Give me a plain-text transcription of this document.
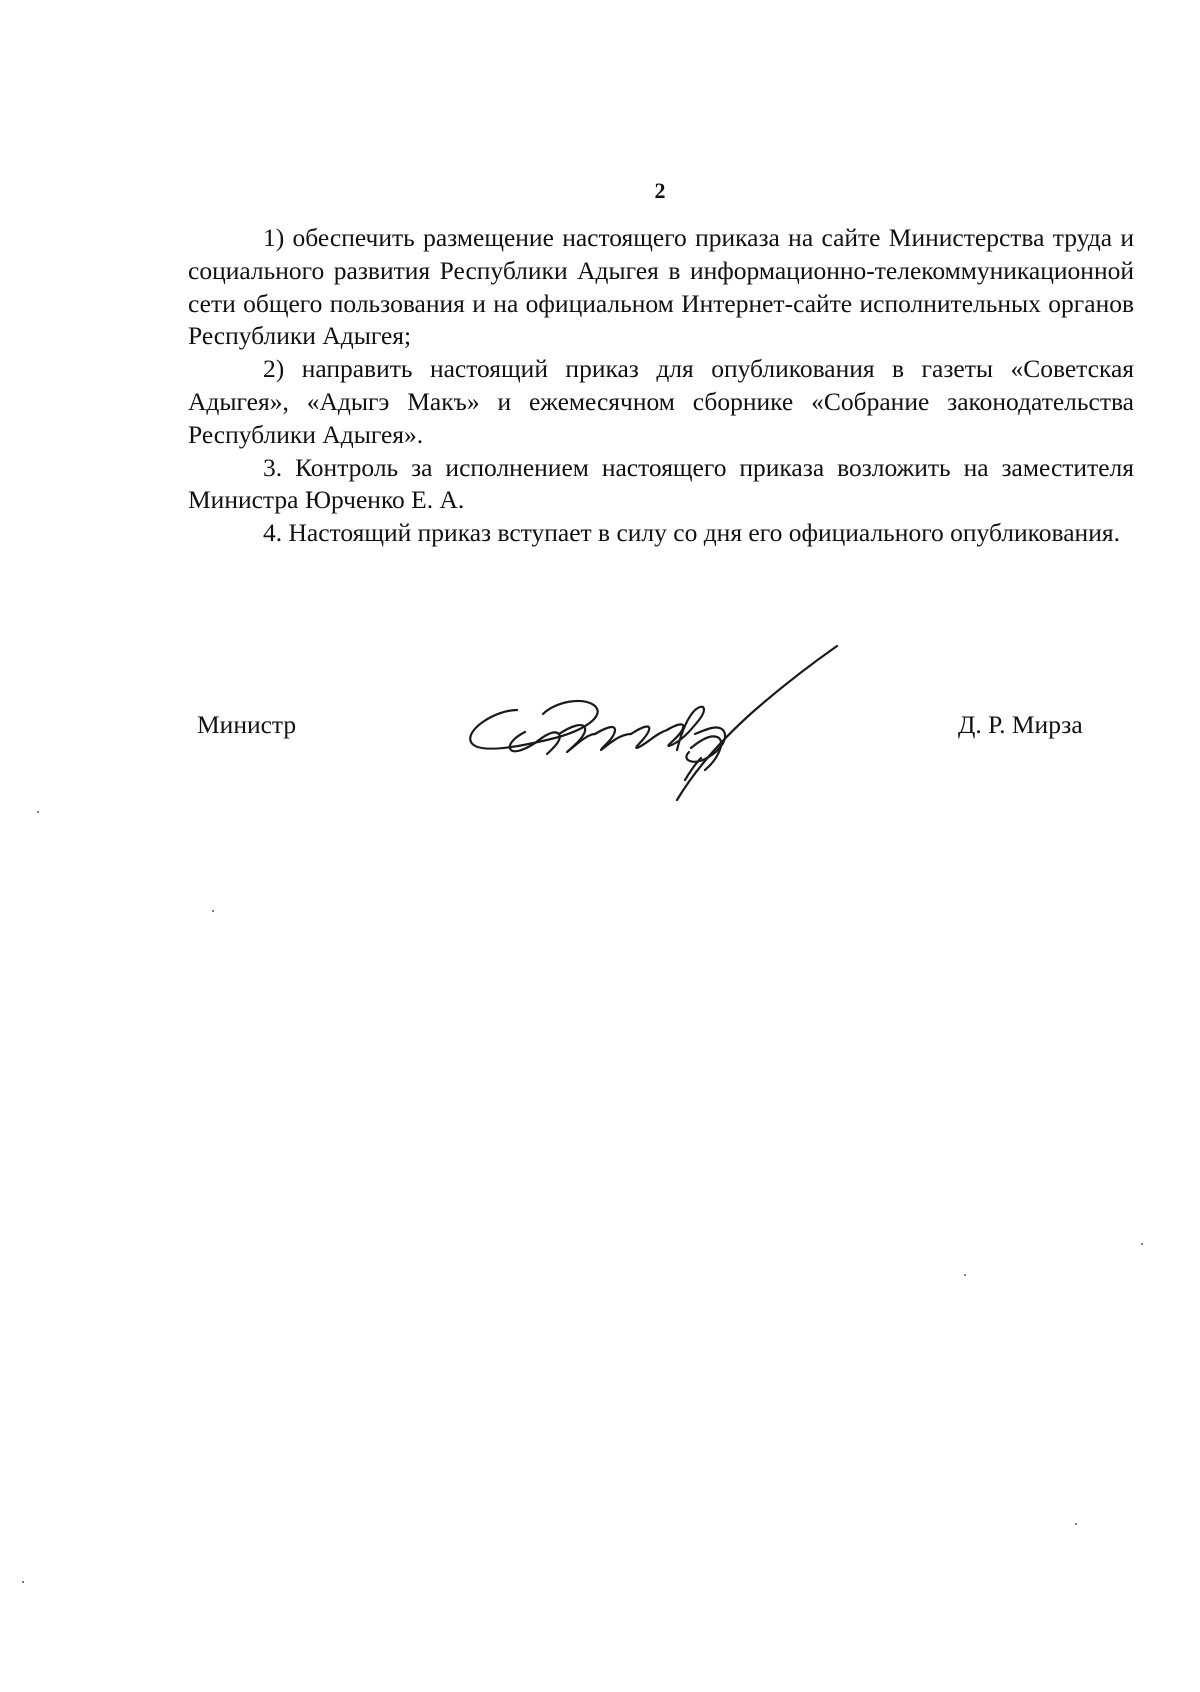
2

1) обеспечить размещение настоящего приказа на сайте Министерства труда и социального развития Республики Адыгея в информационно-телекоммуникационной сети общего пользования и на официальном Интернет-сайте исполнительных органов Республики Адыгея;

2) направить настоящий приказ для опубликования в газеты «Советская Адыгея», «Адыгэ Макъ» и ежемесячном сборнике «Собрание законодательства Республики Адыгея».

3. Контроль за исполнением настоящего приказа возложить на заместителя Министра Юрченко Е. А.

4. Настоящий приказ вступает в силу со дня его официального опубликования.

Министр	Д. Р. Мирза
